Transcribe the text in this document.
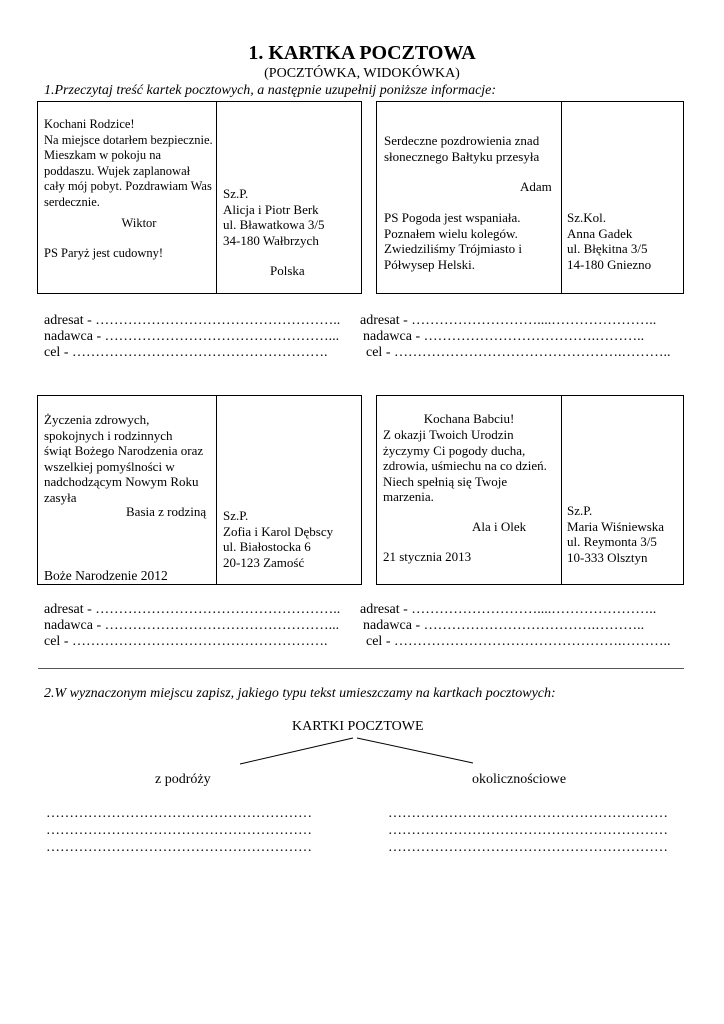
1. KARTKA POCZTOWA
(POCZTÓWKA, WIDOKÓWKA)
1.Przeczytaj treść kartek pocztowych, a następnie uzupełnij poniższe informacje:
Kochani Rodzice!
Na miejsce dotarłem bezpiecznie.
Mieszkam w pokoju na
poddaszu. Wujek zaplanował
cały mój pobyt. Pozdrawiam Was
serdecznie.
Wiktor
PS Paryż jest cudowny!
Sz.P.
Alicja i Piotr Berk
ul. Bławatkowa 3/5
34-180 Wałbrzych
Polska
Serdeczne pozdrowienia znad
słonecznego Bałtyku przesyła
Adam
PS Pogoda jest wspaniała.
Poznałem wielu kolegów.
Zwiedziliśmy Trójmiasto i
Półwysep Helski.
Sz.Kol.
Anna Gadek
ul. Błękitna 3/5
14-180 Gniezno
adresat - ……………………………………………..
nadawca - …………………………………………...
cel - ……………………………………………….
adresat - ………………………....…………………..
nadawca - ……………………………….………..
cel - ………………………………………….………..
Życzenia zdrowych,
spokojnych i rodzinnych
świąt Bożego Narodzenia oraz
wszelkiej pomyślności w
nadchodzącym Nowym Roku
zasyła
Basia z rodziną
Boże Narodzenie 2012
Sz.P.
Zofia i Karol Dębscy
ul. Białostocka 6
20-123 Zamość
Kochana Babciu!
Z okazji Twoich Urodzin
życzymy Ci pogody ducha,
zdrowia, uśmiechu na co dzień.
Niech spełnią się Twoje
marzenia.
Ala i Olek
21 stycznia 2013
Sz.P.
Maria Wiśniewska
ul. Reymonta 3/5
10-333 Olsztyn
adresat - ……………………………………………..
nadawca - …………………………………………...
cel - ……………………………………………….
adresat - ………………………....…………………..
nadawca - ……………………………….………..
cel - ………………………………………….………..
2.W wyznaczonym miejscu zapisz, jakiego typu tekst umieszczamy na kartkach pocztowych:
KARTKI POCZTOWE
z podróży	okolicznościowe
…………………………………………………
…………………………………………………
…………………………………………………
……………………………………………………
……………………………………………………
……………………………………………………
